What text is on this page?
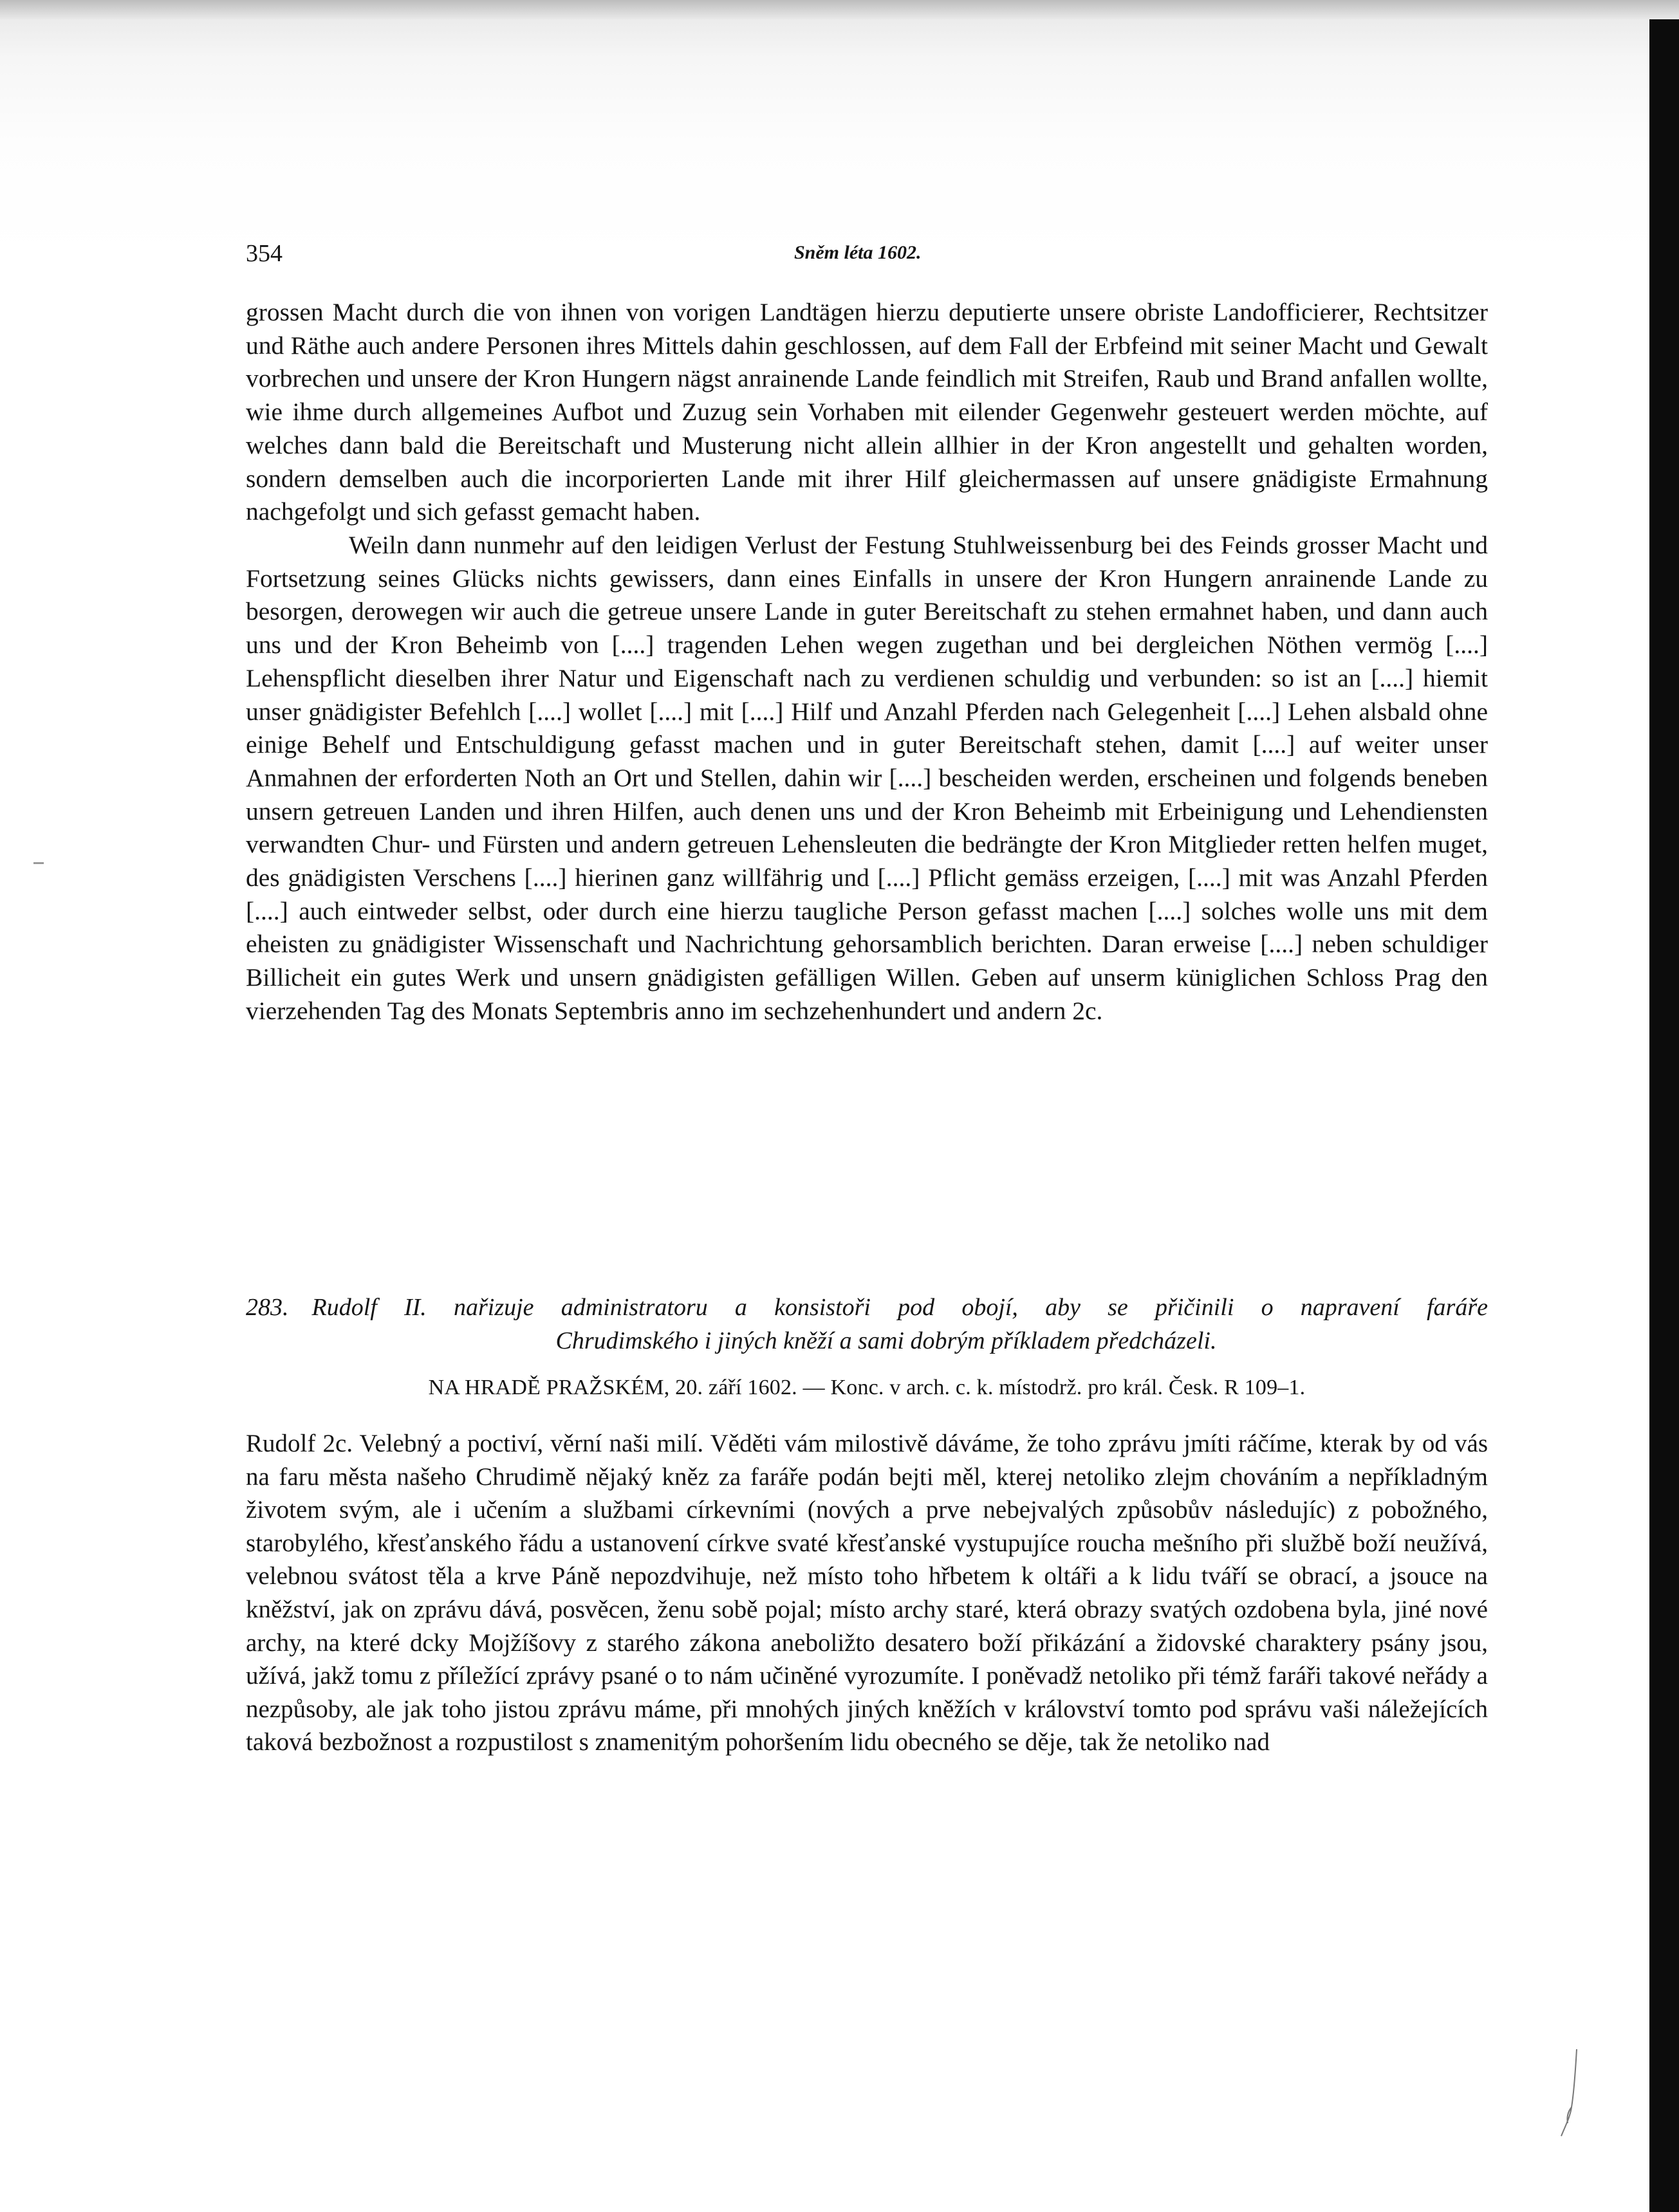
354	Sněm léta 1602.

grossen Macht durch die von ihnen von vorigen Landtägen hierzu deputierte unsere obriste Landofficierer, Rechtsitzer und Räthe auch andere Personen ihres Mittels dahin geschlossen, auf dem Fall der Erbfeind mit seiner Macht und Gewalt vorbrechen und unsere der Kron Hungern nägst anrainende Lande feindlich mit Streifen, Raub und Brand anfallen wollte, wie ihme durch allgemeines Aufbot und Zuzug sein Vorhaben mit eilender Gegenwehr gesteuert werden möchte, auf welches dann bald die Bereitschaft und Musterung nicht allein allhier in der Kron angestellt und gehalten worden, sondern demselben auch die incorporierten Lande mit ihrer Hilf gleichermassen auf unsere gnädigiste Ermahnung nachgefolgt und sich gefasst gemacht haben.

Weiln dann nunmehr auf den leidigen Verlust der Festung Stuhlweissenburg bei des Feinds grosser Macht und Fortsetzung seines Glücks nichts gewissers, dann eines Einfalls in unsere der Kron Hungern anrainende Lande zu besorgen, derowegen wir auch die getreue unsere Lande in guter Bereitschaft zu stehen ermahnet haben, und dann auch uns und der Kron Beheimb von [....] tragenden Lehen wegen zugethan und bei dergleichen Nöthen vermög [....] Lehenspflicht dieselben ihrer Natur und Eigenschaft nach zu verdienen schuldig und verbunden: so ist an [....] hiemit unser gnädigister Befehlch [....] wollet [....] mit [....] Hilf und Anzahl Pferden nach Gelegenheit [....] Lehen alsbald ohne einige Behelf und Entschuldigung gefasst machen und in guter Bereitschaft stehen, damit [....] auf weiter unser Anmahnen der erforderten Noth an Ort und Stellen, dahin wir [....] bescheiden werden, erscheinen und folgends beneben unsern getreuen Landen und ihren Hilfen, auch denen uns und der Kron Beheimb mit Erbeinigung und Lehendiensten verwandten Chur- und Fürsten und andern getreuen Lehensleuten die bedrängte der Kron Mitglieder retten helfen muget, des gnädigisten Verschens [....] hierinen ganz willfährig und [....] Pflicht gemäss erzeigen, [....] mit was Anzahl Pferden [....] auch eintweder selbst, oder durch eine hierzu taugliche Person gefasst machen [....] solches wolle uns mit dem eheisten zu gnädigister Wissenschaft und Nachrichtung gehorsamblich berichten. Daran erweise [....] neben schuldiger Billicheit ein gutes Werk und unsern gnädigisten gefälligen Willen. Geben auf unserm küniglichen Schloss Prag den vierzehenden Tag des Monats Septembris anno im sechzehenhundert und andern 2c.

283. Rudolf II. nařizuje administratoru a konsistoři pod obojí, aby se přičinili o napravení faráře
Chrudimského i jiných kněží a sami dobrým příkladem předcházeli.
NA HRADĚ PRAŽSKÉM, 20. září 1602. — Konc. v arch. c. k. místodrž. pro král. Česk. R 109–1.

Rudolf 2c. Velebný a poctiví, věrní naši milí. Věděti vám milostivě dáváme, že toho zprávu jmíti ráčíme, kterak by od vás na faru města našeho Chrudimě nějaký kněz za faráře podán bejti měl, kterej netoliko zlejm chováním a nepříkladným životem svým, ale i učením a službami církevními (nových a prve nebejvalých způsobův následujíc) z pobožného, starobylého, křesťanského řádu a ustanovení církve svaté křesťanské vystupujíce roucha mešního při službě boží neužívá, velebnou svátost těla a krve Páně nepozdvihuje, než místo toho hřbetem k oltáři a k lidu tváří se obrací, a jsouce na kněžství, jak on zprávu dává, posvěcen, ženu sobě pojal; místo archy staré, která obrazy svatých ozdobena byla, jiné nové archy, na které dcky Mojžíšovy z starého zákona aneboližto desatero boží přikázání a židovské charaktery psány jsou, užívá, jakž tomu z příležící zprávy psané o to nám učiněné vyrozumíte. I poněvadž netoliko při témž faráři takové neřády a nezpůsoby, ale jak toho jistou zprávu máme, při mnohých jiných kněžích v království tomto pod správu vaši náležejících taková bezbožnost a rozpustilost s znamenitým pohoršením lidu obecného se děje, tak že netoliko nad
